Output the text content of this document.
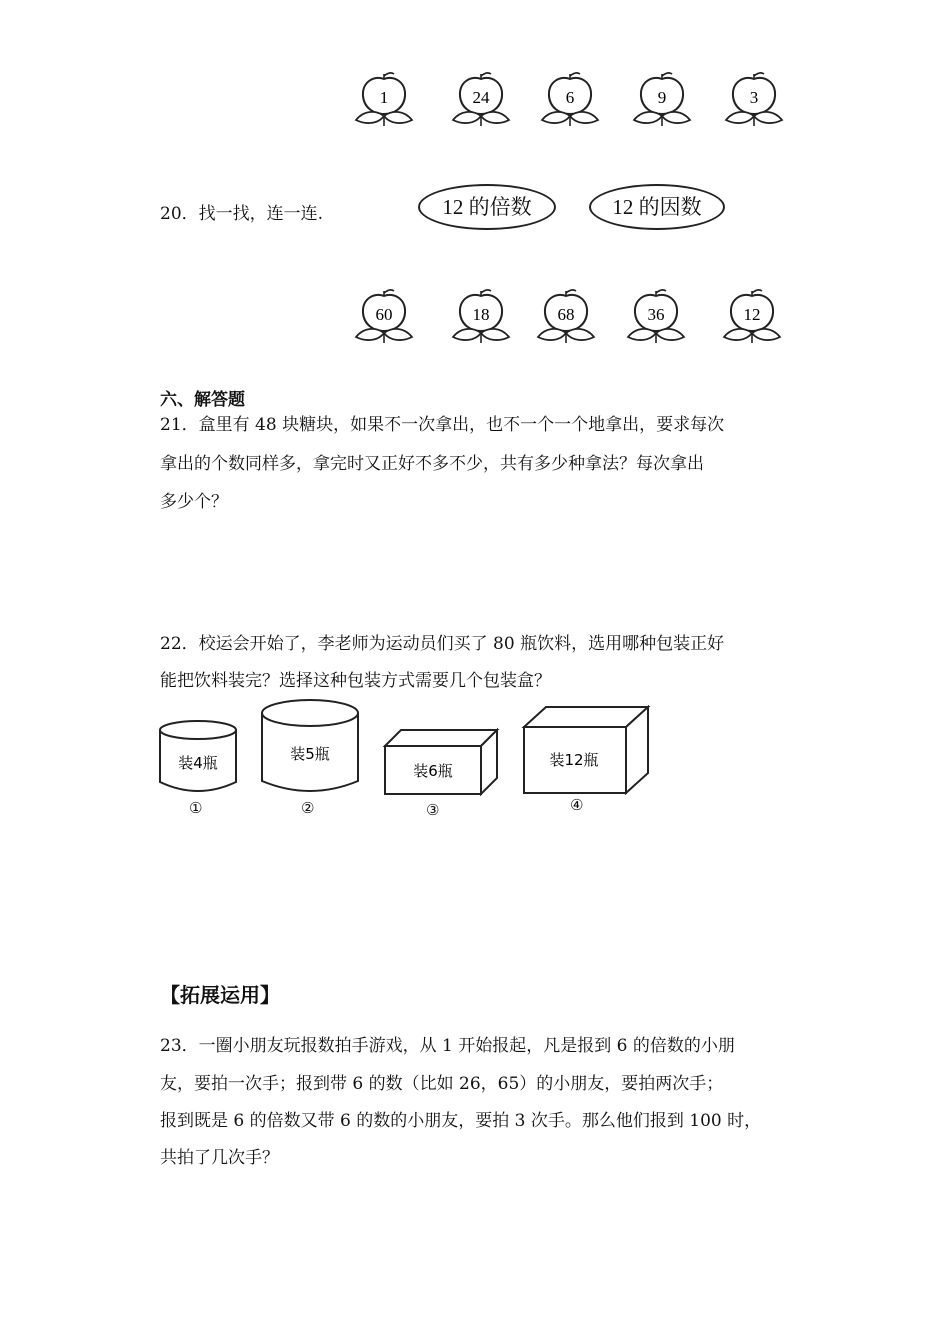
1	24	6	9	3
20．找一找，连一连.	12 的倍数	12 的因数
60	18	68	36	12
六、解答题
21．盒里有 48 块糖块，如果不一次拿出，也不一个一个地拿出，要求每次
拿出的个数同样多，拿完时又正好不多不少，共有多少种拿法？每次拿出
多少个？
22．校运会开始了，李老师为运动员们买了 80 瓶饮料，选用哪种包装正好
能把饮料装完？选择这种包装方式需要几个包装盒？
装4瓶
①
装5瓶
②
装6瓶
③
装12瓶
④
【拓展运用】
23．一圈小朋友玩报数拍手游戏，从 1 开始报起，凡是报到 6 的倍数的小朋
友，要拍一次手；报到带 6 的数（比如 26，65）的小朋友，要拍两次手；
报到既是 6 的倍数又带 6 的数的小朋友，要拍 3 次手。那么他们报到 100 时，
共拍了几次手？
